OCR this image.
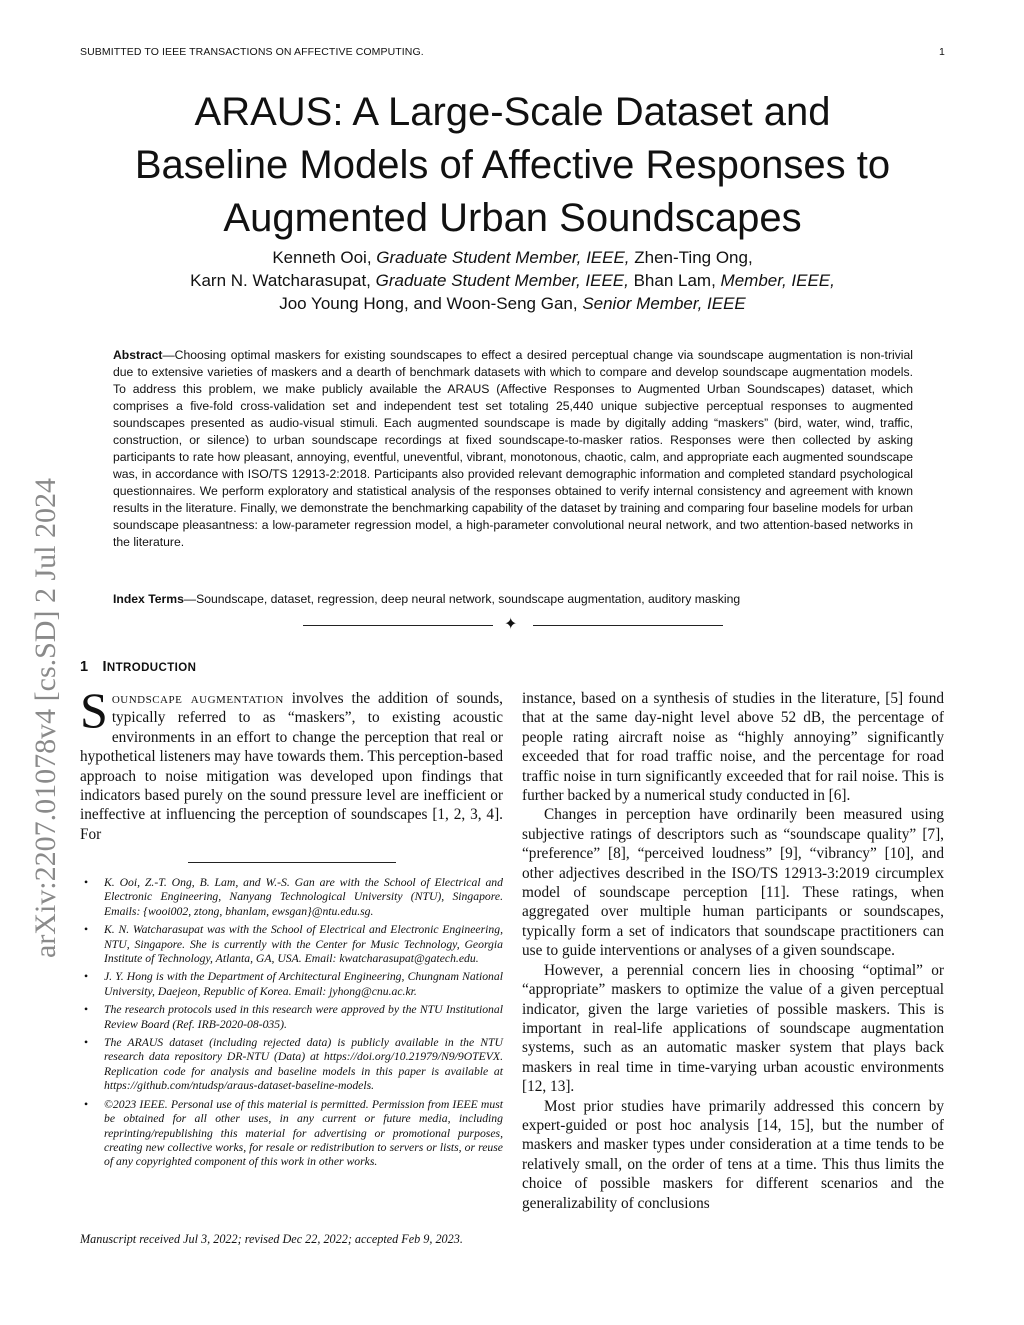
SUBMITTED TO IEEE TRANSACTIONS ON AFFECTIVE COMPUTING.	1
arXiv:2207.01078v4 [cs.SD] 2 Jul 2024
ARAUS: A Large-Scale Dataset and
Baseline Models of Affective Responses to
Augmented Urban Soundscapes
Kenneth Ooi, Graduate Student Member, IEEE, Zhen-Ting Ong,
Karn N. Watcharasupat, Graduate Student Member, IEEE, Bhan Lam, Member, IEEE,
Joo Young Hong, and Woon-Seng Gan, Senior Member, IEEE

Abstract—Choosing optimal maskers for existing soundscapes to effect a desired perceptual change via soundscape augmentation is non-trivial due to extensive varieties of maskers and a dearth of benchmark datasets with which to compare and develop soundscape augmentation models. To address this problem, we make publicly available the ARAUS (Affective Responses to Augmented Urban Soundscapes) dataset, which comprises a five-fold cross-validation set and independent test set totaling 25,440 unique subjective perceptual responses to augmented soundscapes presented as audio-visual stimuli. Each augmented soundscape is made by digitally adding “maskers” (bird, water, wind, traffic, construction, or silence) to urban soundscape recordings at fixed soundscape-to-masker ratios. Responses were then collected by asking participants to rate how pleasant, annoying, eventful, uneventful, vibrant, monotonous, chaotic, calm, and appropriate each augmented soundscape was, in accordance with ISO/TS 12913-2:2018. Participants also provided relevant demographic information and completed standard psychological questionnaires. We perform exploratory and statistical analysis of the responses obtained to verify internal consistency and agreement with known results in the literature. Finally, we demonstrate the benchmarking capability of the dataset by training and comparing four baseline models for urban soundscape pleasantness: a low-parameter regression model, a high-parameter convolutional neural network, and two attention-based networks in the literature.

Index Terms—Soundscape, dataset, regression, deep neural network, soundscape augmentation, auditory masking

✦
1 INTRODUCTION

Soundscape augmentation involves the addition of sounds, typically referred to as “maskers”, to existing acoustic environments in an effort to change the perception that real or hypothetical listeners may have towards them. This perception-based approach to noise mitigation was developed upon findings that indicators based purely on the sound pressure level are inefficient or ineffective at influencing the perception of soundscapes [1, 2, 3, 4]. For

• K. Ooi, Z.-T. Ong, B. Lam, and W.-S. Gan are with the School of Electrical and Electronic Engineering, Nanyang Technological University (NTU), Singapore. Emails: {wooi002, ztong, bhanlam, ewsgan}@ntu.edu.sg.
• K. N. Watcharasupat was with the School of Electrical and Electronic Engineering, NTU, Singapore. She is currently with the Center for Music Technology, Georgia Institute of Technology, Atlanta, GA, USA. Email: kwatcharasupat@gatech.edu.
• J. Y. Hong is with the Department of Architectural Engineering, Chungnam National University, Daejeon, Republic of Korea. Email: jyhong@cnu.ac.kr.
• The research protocols used in this research were approved by the NTU Institutional Review Board (Ref. IRB-2020-08-035).
• The ARAUS dataset (including rejected data) is publicly available in the NTU research data repository DR-NTU (Data) at https://doi.org/10.21979/N9/9OTEVX. Replication code for analysis and baseline models in this paper is available at https://github.com/ntudsp/araus-dataset-baseline-models.
• ©2023 IEEE. Personal use of this material is permitted. Permission from IEEE must be obtained for all other uses, in any current or future media, including reprinting/republishing this material for advertising or promotional purposes, creating new collective works, for resale or redistribution to servers or lists, or reuse of any copyrighted component of this work in other works.

Manuscript received Jul 3, 2022; revised Dec 22, 2022; accepted Feb 9, 2023.

instance, based on a synthesis of studies in the literature, [5] found that at the same day-night level above 52 dB, the percentage of people rating aircraft noise as “highly annoying” significantly exceeded that for road traffic noise, and the percentage for road traffic noise in turn significantly exceeded that for rail noise. This is further backed by a numerical study conducted in [6].

Changes in perception have ordinarily been measured using subjective ratings of descriptors such as “soundscape quality” [7], “preference” [8], “perceived loudness” [9], “vibrancy” [10], and other adjectives described in the ISO/TS 12913-3:2019 circumplex model of soundscape perception [11]. These ratings, when aggregated over multiple human participants or soundscapes, typically form a set of indicators that soundscape practitioners can use to guide interventions or analyses of a given soundscape.

However, a perennial concern lies in choosing “optimal” or “appropriate” maskers to optimize the value of a given perceptual indicator, given the large varieties of possible maskers. This is important in real-life applications of soundscape augmentation systems, such as an automatic masker system that plays back maskers in real time in time-varying urban acoustic environments [12, 13].

Most prior studies have primarily addressed this concern by expert-guided or post hoc analysis [14, 15], but the number of maskers and masker types under consideration at a time tends to be relatively small, on the order of tens at a time. This thus limits the choice of possible maskers for different scenarios and the generalizability of conclusions
